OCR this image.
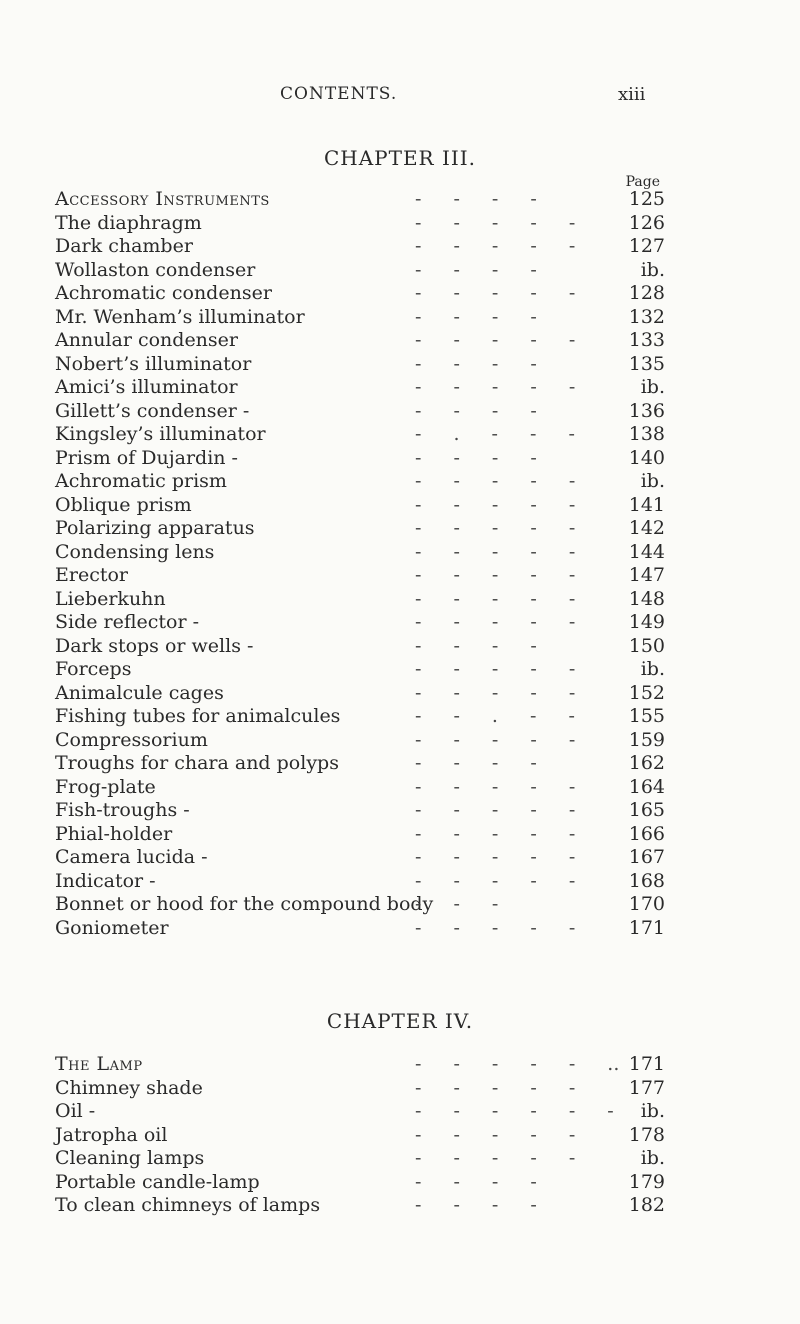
CONTENTS.	xiii
CHAPTER III.
Page
Accessory Instruments	- - - -	125
The diaphragm	- - - - -	126
Dark chamber	- - - - -	127
Wollaston condenser	- - - -	ib.
Achromatic condenser	- - - - -	128
Mr. Wenham’s illuminator	- - - -	132
Annular condenser	- - - - -	133
Nobert’s illuminator	- - - -	135
Amici’s illuminator	- - - - -	ib.
Gillett’s condenser -	- - - -	136
Kingsley’s illuminator	- . - - -	138
Prism of Dujardin -	- - - -	140
Achromatic prism	- - - - -	ib.
Oblique prism	- - - - -	141
Polarizing apparatus	- - - - -	142
Condensing lens	- - - - -	144
Erector	- - - - -	147
Lieberkuhn	- - - - -	148
Side reflector -	- - - - -	149
Dark stops or wells -	- - - -	150
Forceps	- - - - -	ib.
Animalcule cages	- - - - -	152
Fishing tubes for animalcules	- - . - -	155
Compressorium	- - - - -	159
Troughs for chara and polyps	- - - -	162
Frog-plate	- - - - -	164
Fish-troughs -	- - - - -	165
Phial-holder	- - - - -	166
Camera lucida -	- - - - -	167
Indicator -	- - - - -	168
Bonnet or hood for the compound body
- - -	170
Goniometer	- - - - -	171
CHAPTER IV.
The Lamp	- - - - - .. 171
Chimney shade	- - - - -	177
Oil -	- - - - - -	ib.
Jatropha oil	- - - - -	178
Cleaning lamps	- - - - -	ib.
Portable candle-lamp	- - - -	179
To clean chimneys of lamps	- - - -	182
